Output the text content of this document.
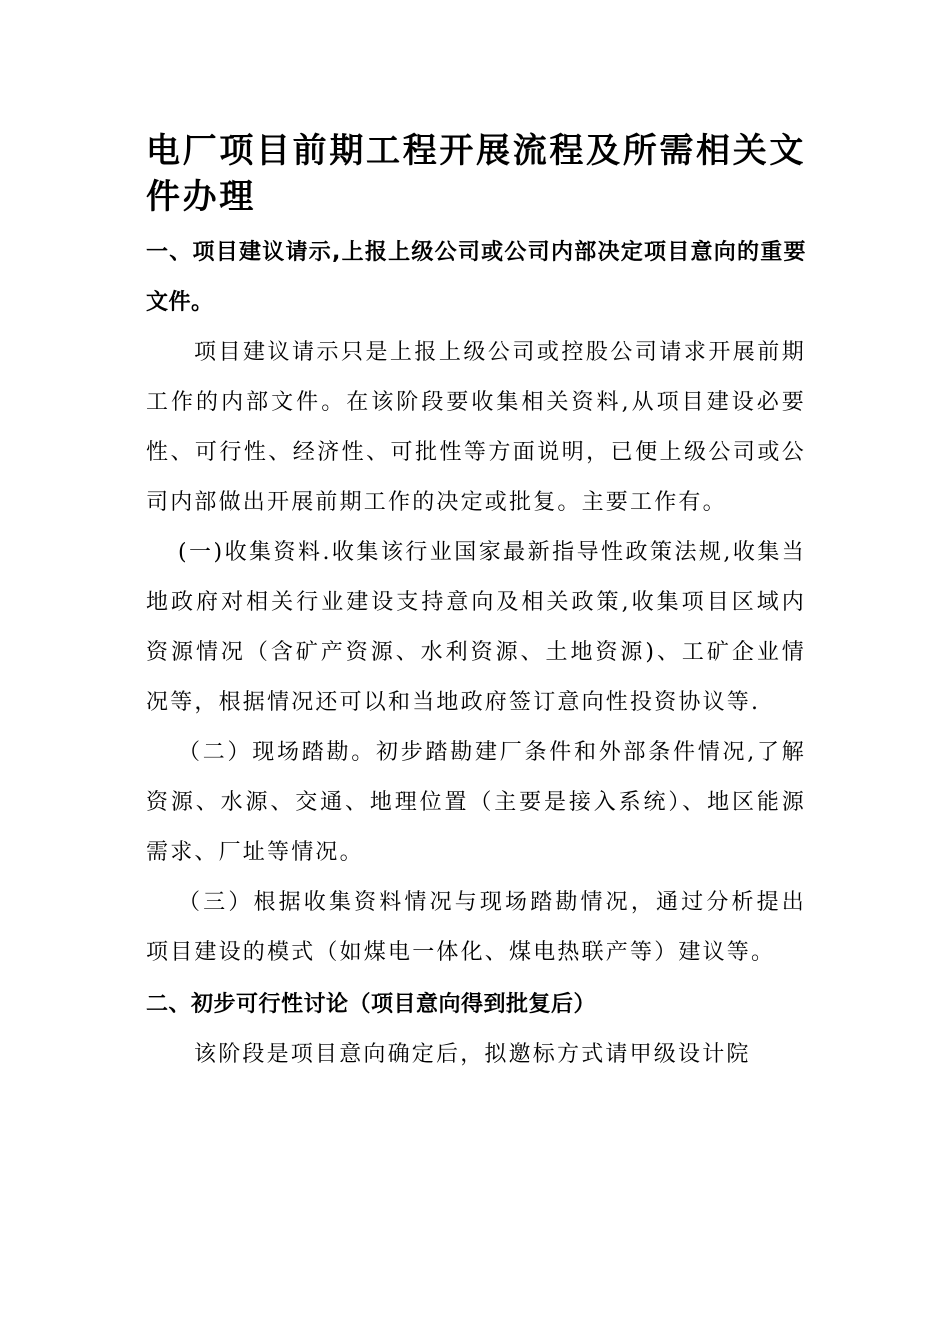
电厂项目前期工程开展流程及所需相关文件办理

一、项目建议请示,上报上级公司或公司内部决定项目意向的重要文件。

项目建议请示只是上报上级公司或控股公司请求开展前期工作的内部文件。在该阶段要收集相关资料,从项目建设必要性、可行性、经济性、可批性等方面说明，已便上级公司或公司内部做出开展前期工作的决定或批复。主要工作有。

(一)收集资料.收集该行业国家最新指导性政策法规,收集当地政府对相关行业建设支持意向及相关政策,收集项目区域内资源情况（含矿产资源、水利资源、土地资源)、工矿企业情况等，根据情况还可以和当地政府签订意向性投资协议等.

（二）现场踏勘。初步踏勘建厂条件和外部条件情况,了解资源、水源、交通、地理位置（主要是接入系统）、地区能源需求、厂址等情况。

（三）根据收集资料情况与现场踏勘情况，通过分析提出项目建设的模式（如煤电一体化、煤电热联产等）建议等。

二、初步可行性讨论（项目意向得到批复后）

该阶段是项目意向确定后，拟邀标方式请甲级设计院
